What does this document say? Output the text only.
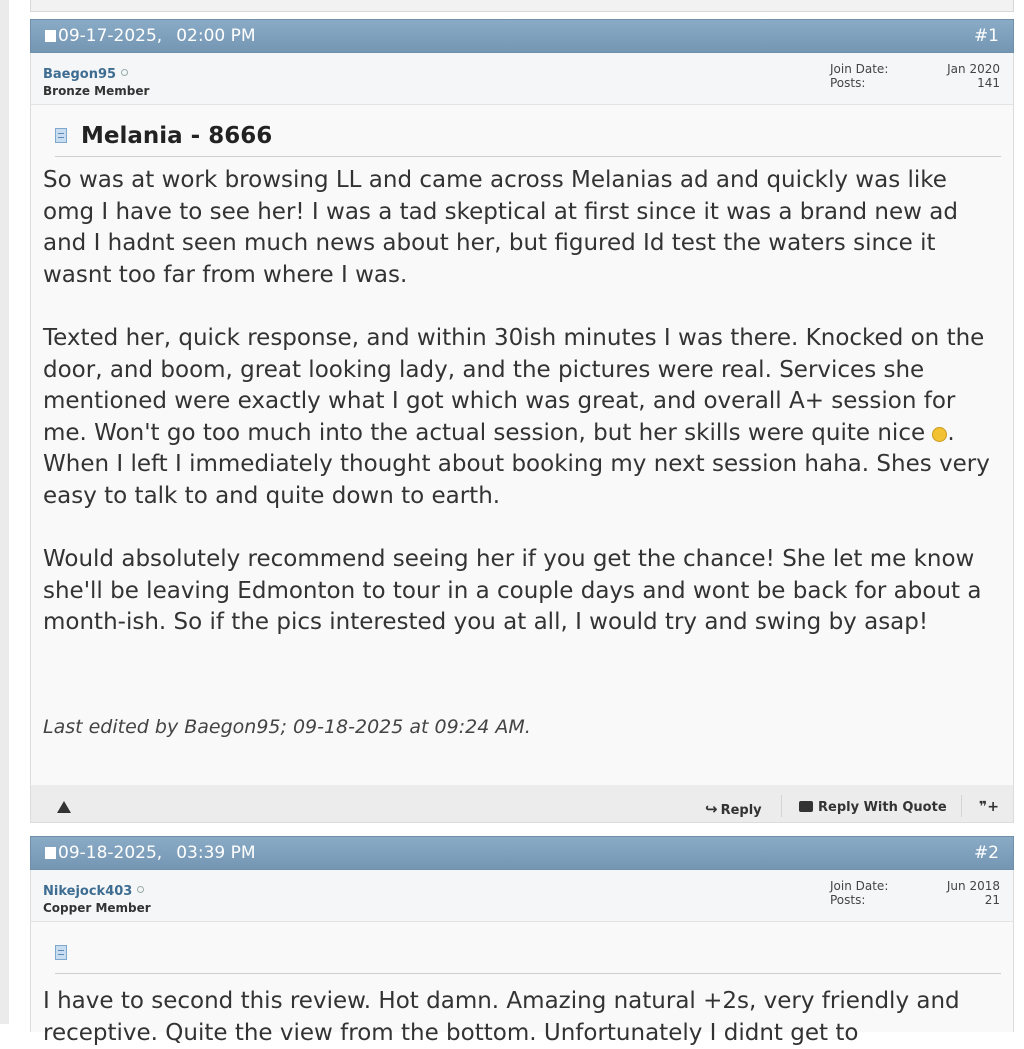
09-17-2025, 02:00 PM	#1
Baegon95
Bronze Member
Join Date:	Jan 2020
Posts:	141
Melania - 8666

So was at work browsing LL and came across Melanias ad and quickly was like omg I have to see her! I was a tad skeptical at first since it was a brand new ad and I hadnt seen much news about her, but figured Id test the waters since it wasnt too far from where I was.

Texted her, quick response, and within 30ish minutes I was there. Knocked on the door, and boom, great looking lady, and the pictures were real. Services she mentioned were exactly what I got which was great, and overall A+ session for me. Won't go too much into the actual session, but her skills were quite nice . When I left I immediately thought about booking my next session haha. Shes very easy to talk to and quite down to earth.

Would absolutely recommend seeing her if you get the chance! She let me know she'll be leaving Edmonton to tour in a couple days and wont be back for about a month-ish. So if the pics interested you at all, I would try and swing by asap!

Last edited by Baegon95; 09-18-2025 at 09:24 AM.
↪ Reply	Reply With Quote ❞+
09-18-2025, 03:39 PM	#2
Nikejock403
Copper Member
Join Date:	Jun 2018
Posts:	21

I have to second this review. Hot damn. Amazing natural +2s, very friendly and receptive. Quite the view from the bottom. Unfortunately I didnt get to
